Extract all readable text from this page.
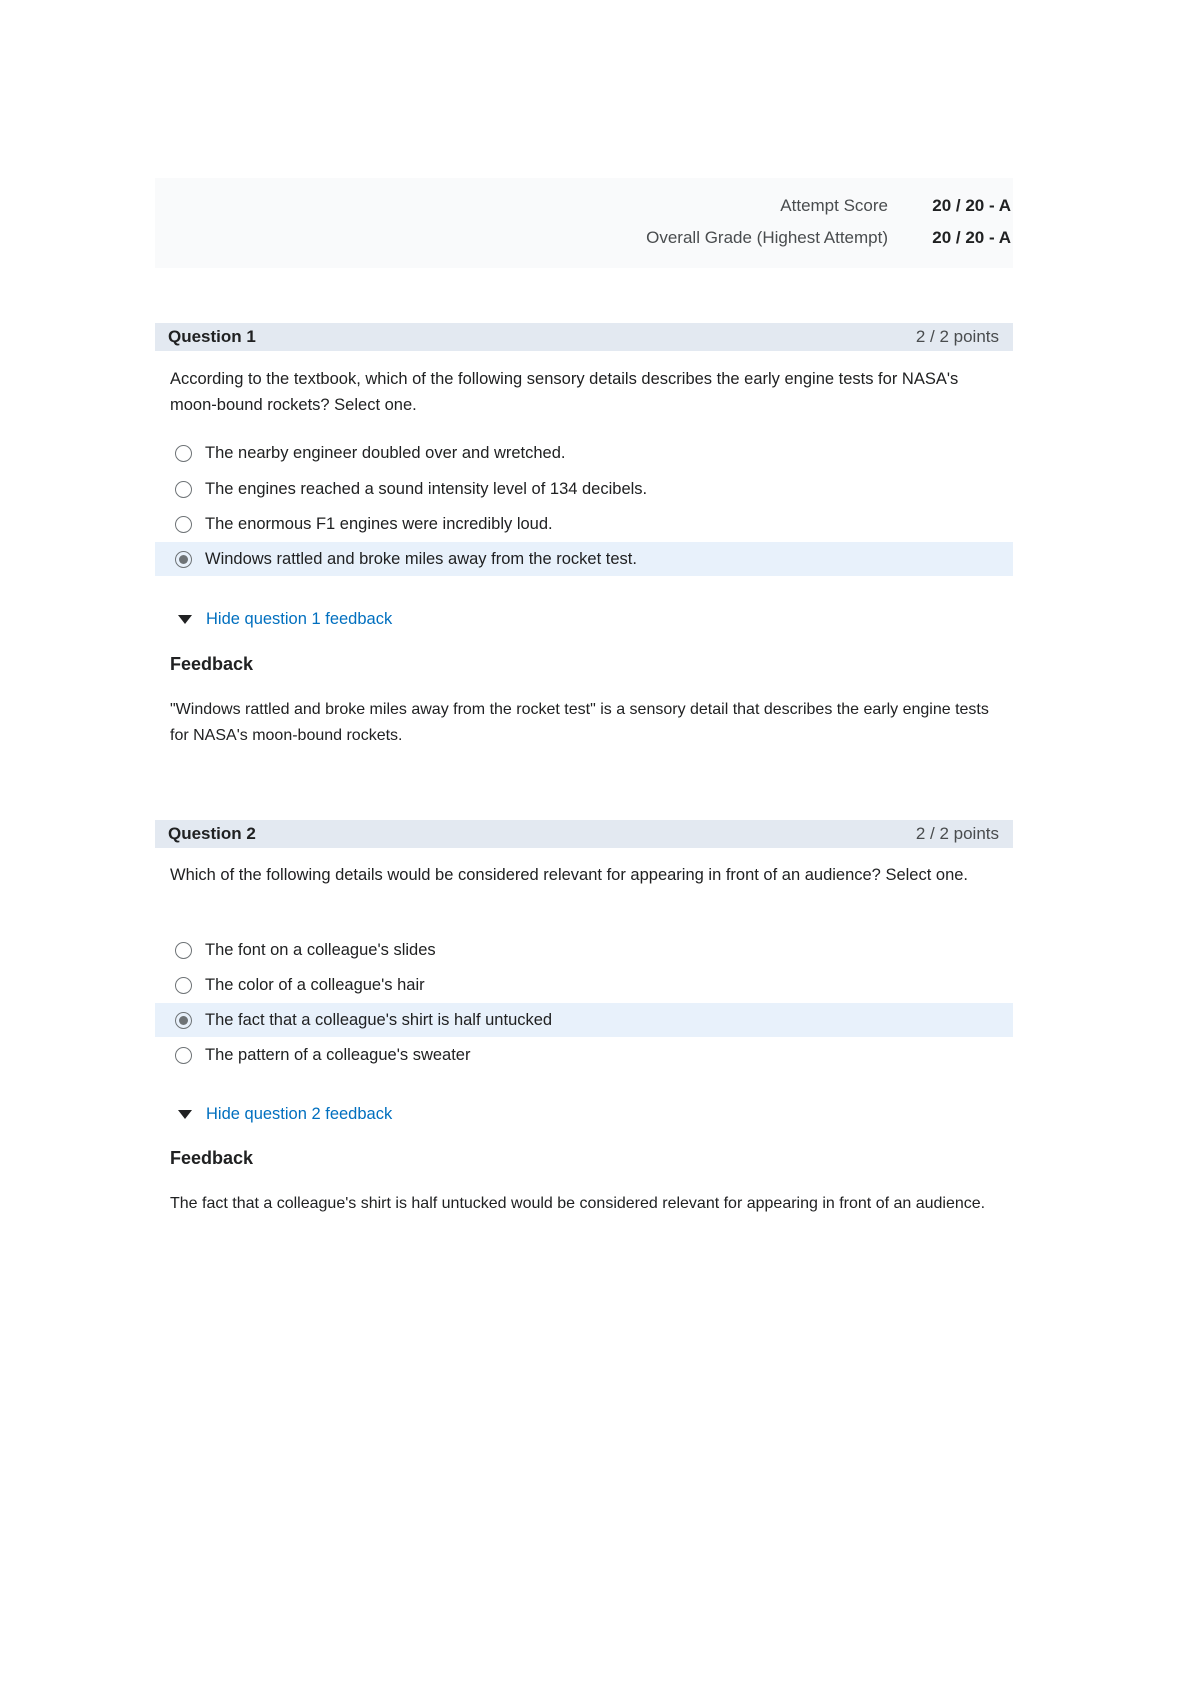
Attempt Score	20 / 20 - A
Overall Grade (Highest Attempt)	20 / 20 - A
Question 1	2 / 2 points
According to the textbook, which of the following sensory details describes the early engine tests for NASA's moon-bound rockets? Select one.
The nearby engineer doubled over and wretched.
The engines reached a sound intensity level of 134 decibels.
The enormous F1 engines were incredibly loud.
Windows rattled and broke miles away from the rocket test.
Hide question 1 feedback
Feedback
"Windows rattled and broke miles away from the rocket test" is a sensory detail that describes the early engine tests for NASA's moon-bound rockets.
Question 2	2 / 2 points
Which of the following details would be considered relevant for appearing in front of an audience? Select one.
The font on a colleague's slides
The color of a colleague's hair
The fact that a colleague's shirt is half untucked
The pattern of a colleague's sweater
Hide question 2 feedback
Feedback
The fact that a colleague's shirt is half untucked would be considered relevant for appearing in front of an audience.
